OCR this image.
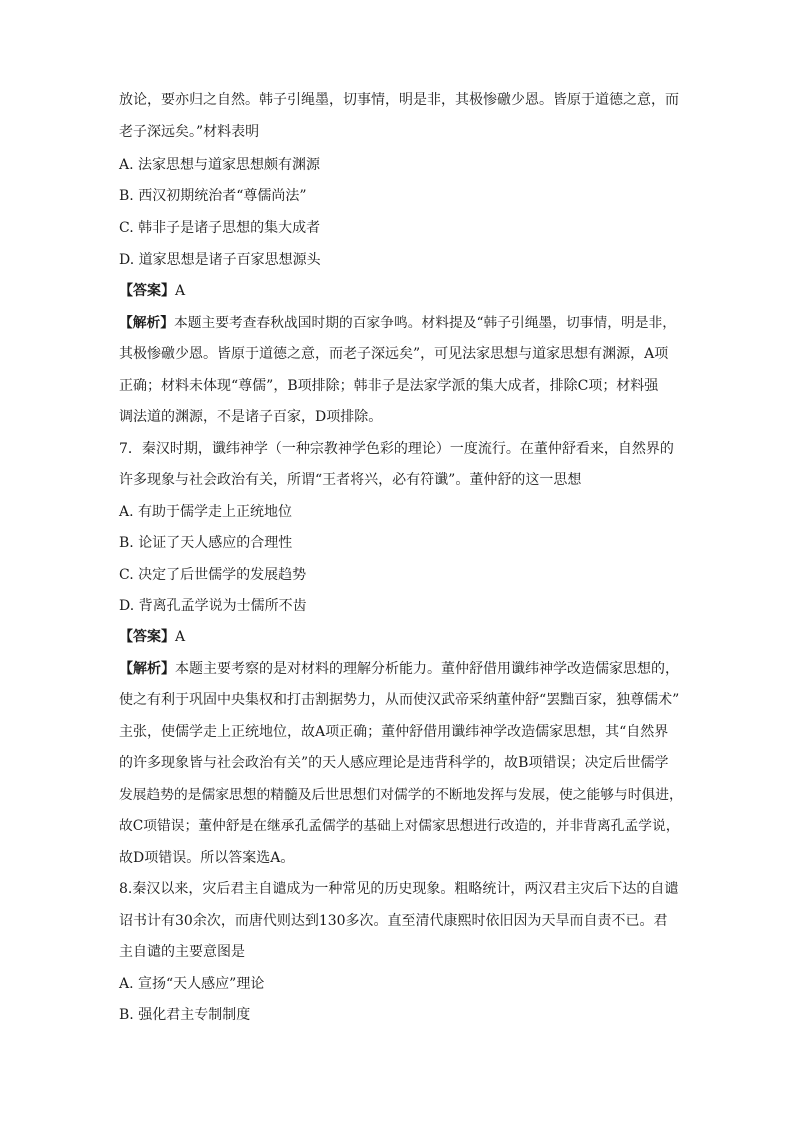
放论，要亦归之自然。韩子引绳墨，切事情，明是非，其极惨礉少恩。皆原于道德之意，而
老子深远矣。”材料表明
A. 法家思想与道家思想颇有渊源
B. 西汉初期统治者“尊儒尚法”
C. 韩非子是诸子思想的集大成者
D. 道家思想是诸子百家思想源头
【答案】A
【解析】本题主要考查春秋战国时期的百家争鸣。材料提及“韩子引绳墨，切事情，明是非，
其极惨礉少恩。皆原于道德之意，而老子深远矣”，可见法家思想与道家思想有渊源，A项
正确；材料未体现“尊儒”，B项排除；韩非子是法家学派的集大成者，排除C项；材料强
调法道的渊源，不是诸子百家，D项排除。
7．秦汉时期，谶纬神学（一种宗教神学色彩的理论）一度流行。在董仲舒看来，自然界的
许多现象与社会政治有关，所谓“王者将兴，必有符谶”。董仲舒的这一思想
A. 有助于儒学走上正统地位
B. 论证了天人感应的合理性
C. 决定了后世儒学的发展趋势
D. 背离孔孟学说为士儒所不齿
【答案】A
【解析】本题主要考察的是对材料的理解分析能力。董仲舒借用谶纬神学改造儒家思想的，
使之有利于巩固中央集权和打击割据势力，从而使汉武帝采纳董仲舒“罢黜百家，独尊儒术”
主张，使儒学走上正统地位，故A项正确；董仲舒借用谶纬神学改造儒家思想，其“自然界
的许多现象皆与社会政治有关”的天人感应理论是违背科学的，故B项错误；决定后世儒学
发展趋势的是儒家思想的精髓及后世思想们对儒学的不断地发挥与发展，使之能够与时俱进，
故C项错误；董仲舒是在继承孔孟儒学的基础上对儒家思想进行改造的，并非背离孔孟学说，
故D项错误。所以答案选A。
8.秦汉以来，灾后君主自谴成为一种常见的历史现象。粗略统计，两汉君主灾后下达的自谴
诏书计有30余次，而唐代则达到130多次。直至清代康熙时依旧因为天旱而自责不已。君
主自谴的主要意图是
A. 宣扬“天人感应”理论
B. 强化君主专制制度
